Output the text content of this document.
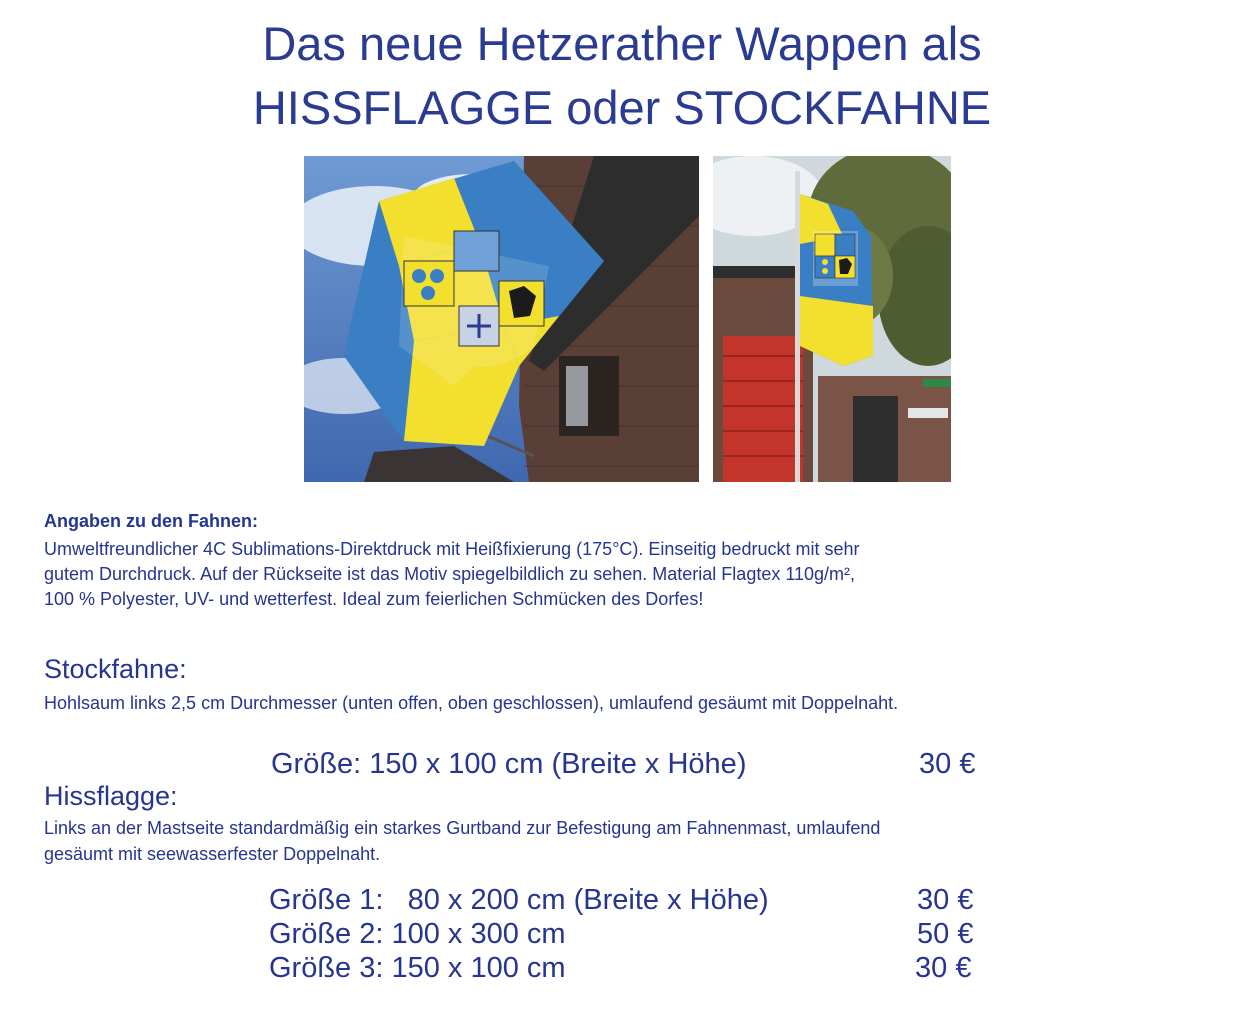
Das neue Hetzerather Wappen als
HISSFLAGGE oder STOCKFAHNE
Angaben zu den Fahnen:
Umweltfreundlicher 4C Sublimations-Direktdruck mit Heißfixierung (175°C). Einseitig bedruckt mit sehr
gutem Durchdruck. Auf der Rückseite ist das Motiv spiegelbildlich zu sehen. Material Flagtex 110g/m²,
100 % Polyester, UV- und wetterfest. Ideal zum feierlichen Schmücken des Dorfes!
Stockfahne:
Hohlsaum links 2,5 cm Durchmesser (unten offen, oben geschlossen), umlaufend gesäumt mit Doppelnaht.
Größe: 150 x 100 cm (Breite x Höhe)	30 €
Hissflagge:
Links an der Mastseite standardmäßig ein starkes Gurtband zur Befestigung am Fahnenmast, umlaufend
gesäumt mit seewasserfester Doppelnaht.
Größe 1:   80 x 200 cm (Breite x Höhe)	30 €
Größe 2: 100 x 300 cm	50 €
Größe 3: 150 x 100 cm	30 €
